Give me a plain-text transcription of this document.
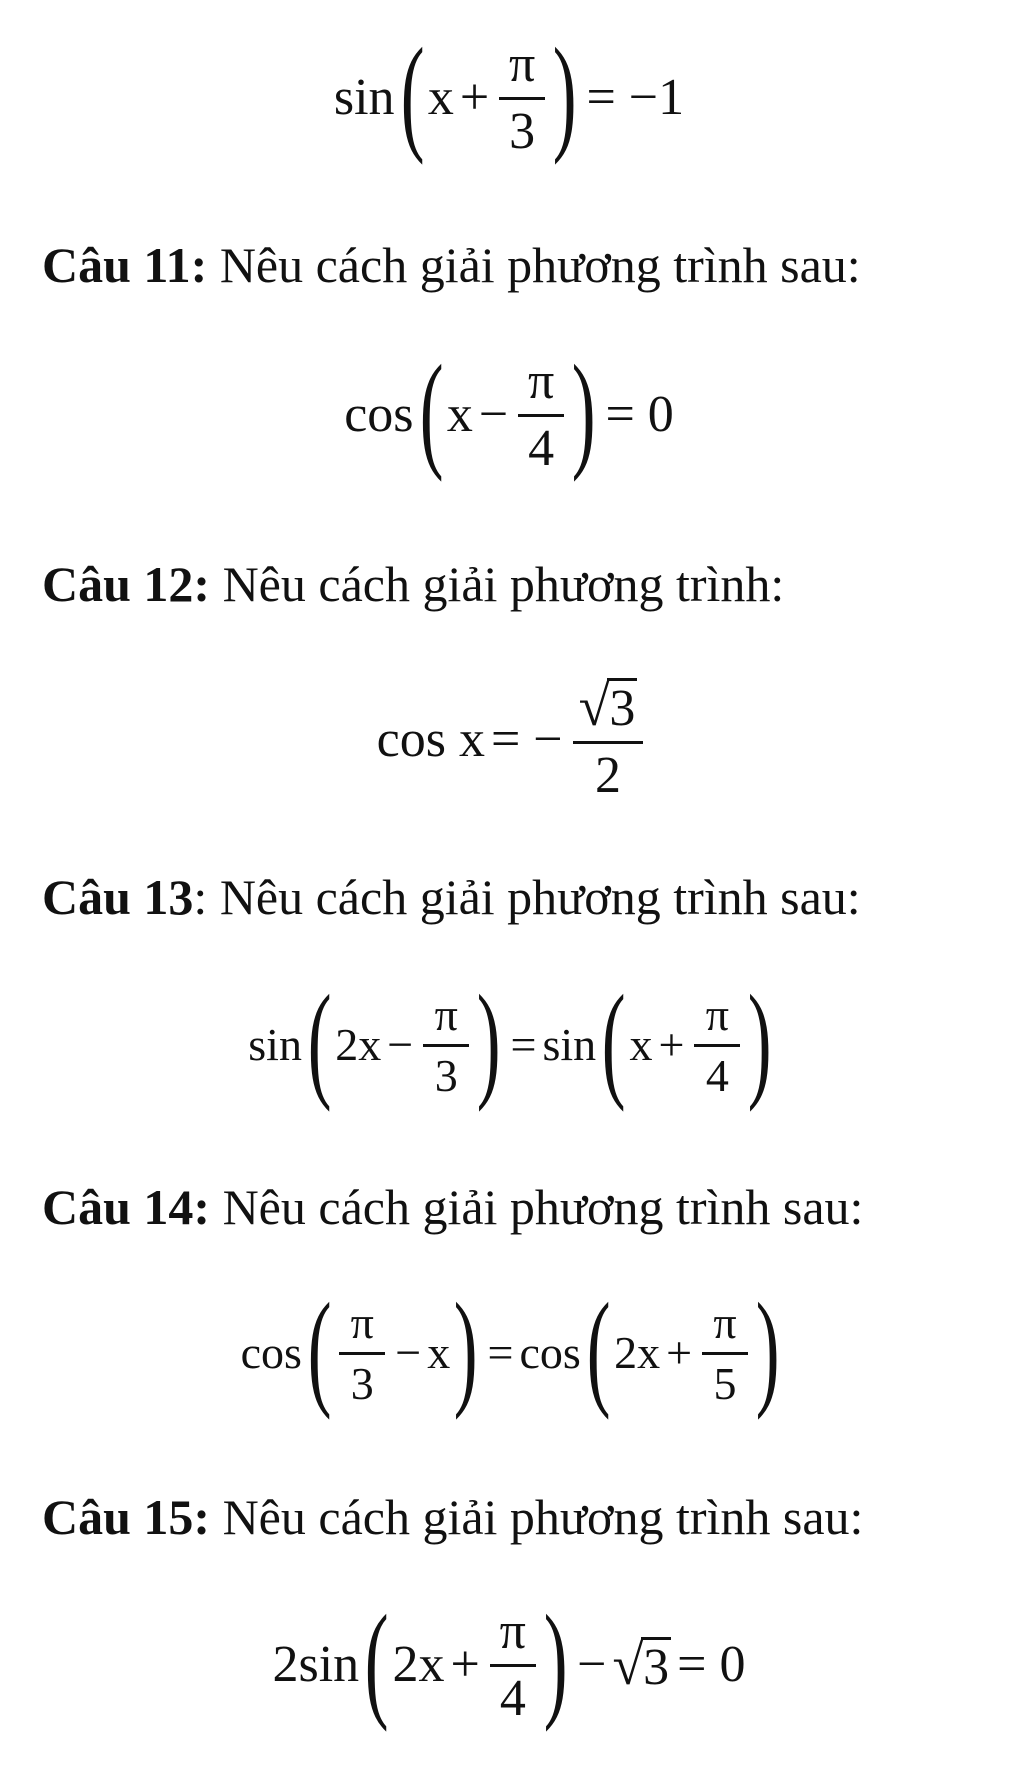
sin ( $x + \frac{\pi}{3}$ ) = −1
Câu 11: Nêu cách giải phương trình sau:
cos ( $x - \frac{\pi}{4}$ ) = 0
Câu 12: Nêu cách giải phương trình:
cos x = − $\frac{√ 3}{2}$
Câu 13: Nêu cách giải phương trình sau:
sin ( $2x - \frac{\pi}{3}$ ) = sin ( $x + \frac{\pi}{4}$ )
Câu 14: Nêu cách giải phương trình sau:
cos ( $\frac{\pi}{3} - x$ ) = cos ( $2x + \frac{\pi}{5}$ )
Câu 15: Nêu cách giải phương trình sau:
2 sin ( $2x + \frac{\pi}{4}$ ) − √ 3 = 0
